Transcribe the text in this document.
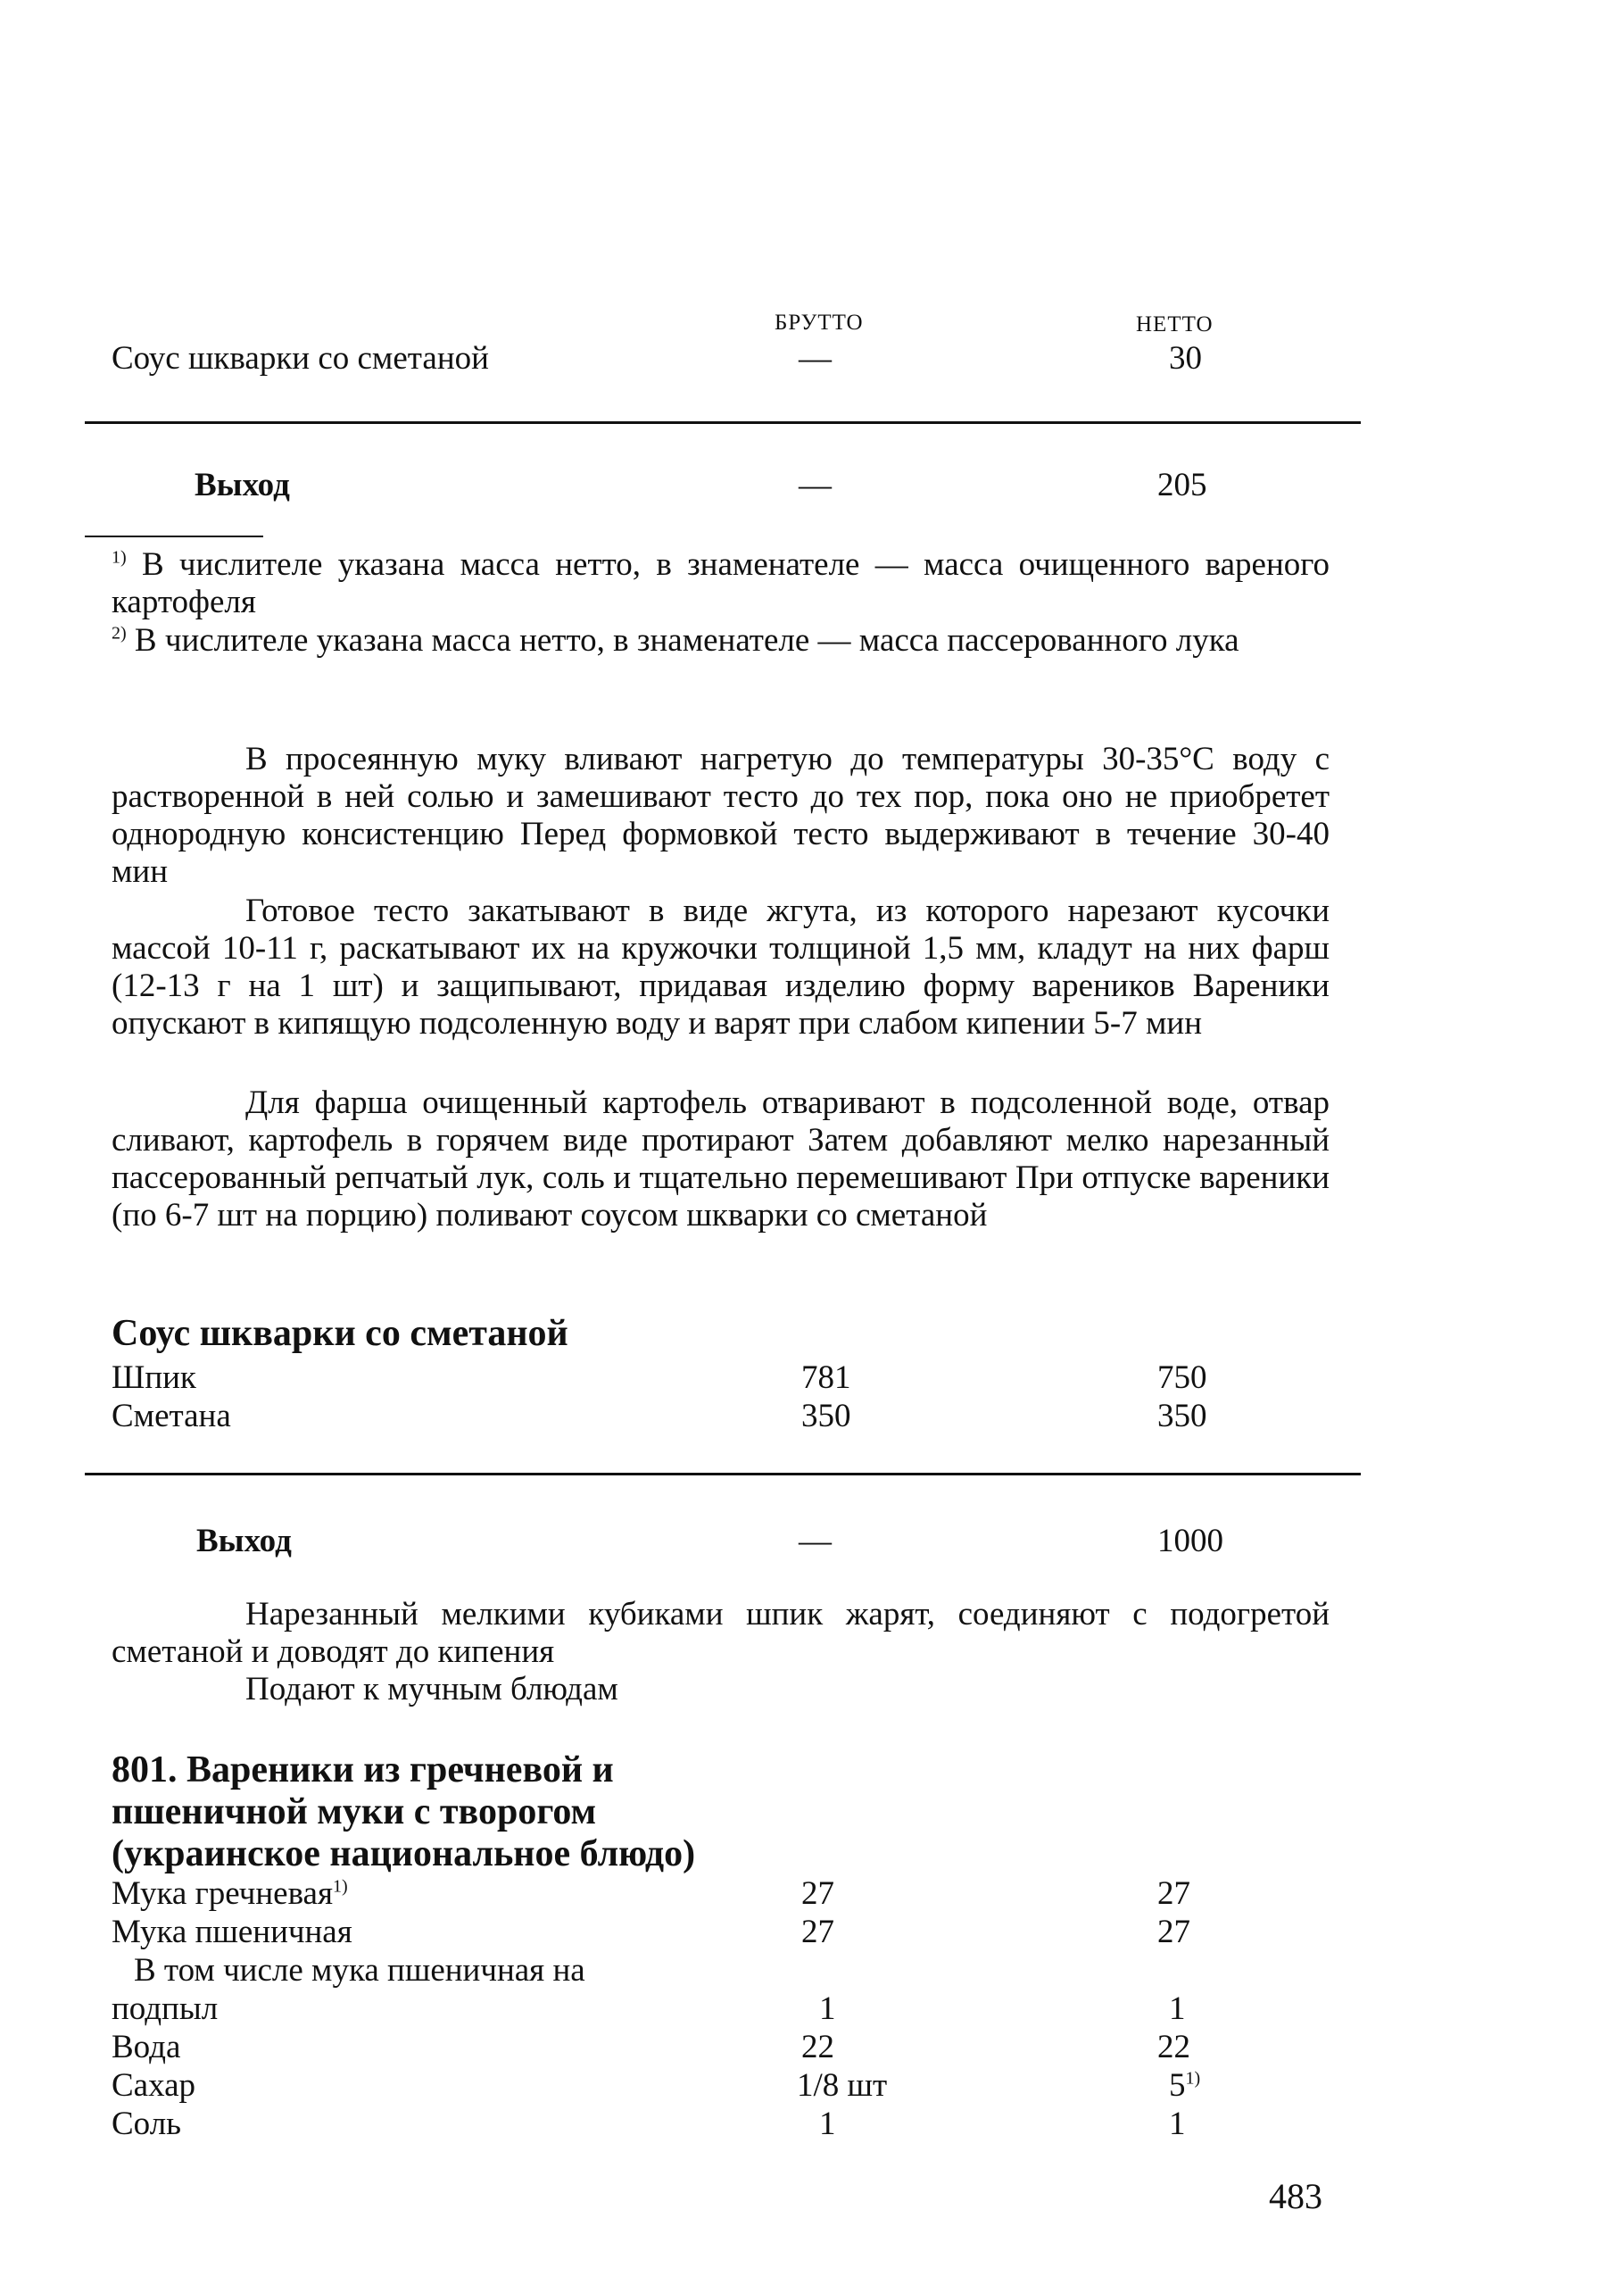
БРУТТО	НЕТТО
Соус шкварки со сметаной	—	30
Выход	—	205
$^{1)}$ В числителе указана масса нетто, в знаменателе — масса очищенного вареного картофеля
$^{2)}$ В числителе указана масса нетто, в знаменателе — масса пассерованного лука
В просеянную муку вливают нагретую до температуры 30-35°C воду с растворенной в ней солью и замешивают тесто до тех пор, пока оно не приобретет однородную консистенцию Перед формовкой тесто выдерживают в течение 30-40 мин
Готовое тесто закатывают в виде жгута, из которого нарезают кусочки массой 10-11 г, раскатывают их на кружочки толщиной 1,5 мм, кладут на них фарш (12-13 г на 1 шт) и защипывают, придавая изделию форму вареников Вареники опускают в кипящую подсоленную воду и варят при слабом кипении 5-7 мин
Для фарша очищенный картофель отваривают в подсоленной воде, отвар сливают, картофель в горячем виде протирают Затем добавляют мелко нарезанный пассерованный репчатый лук, соль и тщательно перемешивают При отпуске вареники (по 6-7 шт на порцию) поливают соусом шкварки со сметаной
Соус шкварки со сметаной
Шпик	781	750
Сметана	350	350
Выход	—	1000
Нарезанный мелкими кубиками шпик жарят, соединяют с подогретой сметаной и доводят до кипения
Подают к мучным блюдам
801. Вареники из гречневой и пшеничной муки с творогом (украинское национальное блюдо)
Мука гречневая$^{1)}$	27	27
Мука пшеничная	27	27
В том числе мука пшеничная на
подпыл	1	1
Вода	22	22
Сахар	1/8 шт	5$^{1)}$
Соль	1	1
483
